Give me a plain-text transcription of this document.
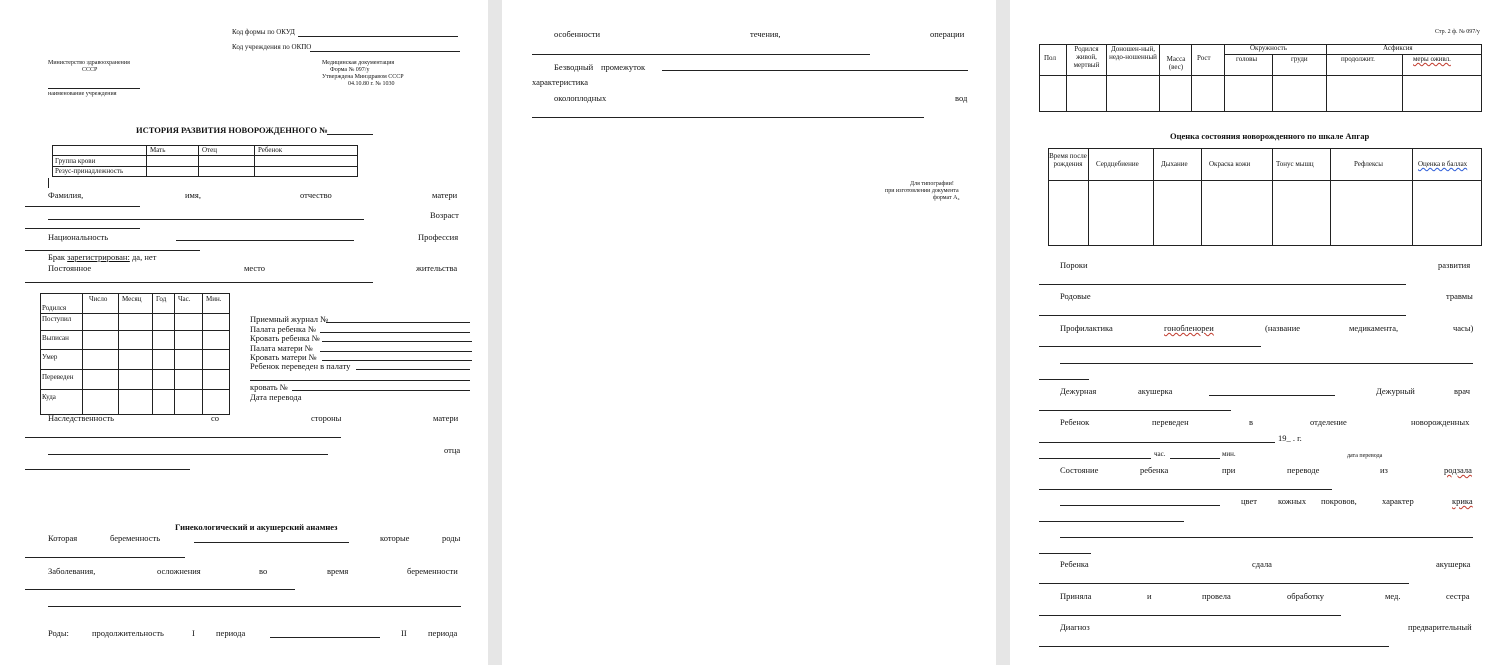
Код формы по ОКУД
Код учреждения по ОКПО
Министерство здравоохранения
СССР
Медицинская документация
Форма № 097/у
Утверждена Минздравом СССР
04.10.80 г. № 1030
наименование учреждения
ИСТОРИЯ РАЗВИТИЯ НОВОРОЖДЕННОГО №
Мать	Отец	Ребенок
Группа крови
Резус-принадлежность
Фамилия,	имя,	отчество	матери
Возраст
Национальность	Профессия
Брак зарегистрирован: да, нет
Постоянное	место	жительства
Число Месяц Год Час. Мин.
Родился
Поступил
Выписан
Умер
Переведен
Куда
Приемный журнал №
Палата ребенка №
Кровать ребенка №
Палата матери №
Кровать матери №
Ребенок переведен в палату
кровать №
Дата перевода
Наследственность	со	стороны	матери
отца
Гинекологический и акушерский анамнез
Которая	беременность	которые	роды
Заболевания,	осложнения	во	время	беременности
Роды:	продолжительность	I периода	II	периода
особенности	течения,	операции
Безводный промежуток
характеристика
околоплодных	вод
Для типографии!
при изготовлении документа
формат А₄
Стр. 2 ф. № 097/у
Пол
Родился живой, мертвый
Доношен-ный, недо-ношенный	Масса (вес)
Рост
Окружность
головы	груди
Асфиксия
продолжит.	меры оживл.
Оценка состояния новорожденного по шкале Апгар
Время после рождения	Сердцебиение	Дыхание	Окраска кожи	Тонус мышц	Рефлексы	Оценка в баллах
Пороки	развития
Родовые	травмы
Профилактика	гонобленореи	(название	медикамента,	часы)
Дежурная	акушерка	Дежурный	врач
Ребенок	переведен	в	отделение	новорожденных
19_ . г.
час.	мин.	дата перевода
Состояние	ребенка	при	переводе	из	родзала
цвет кожных покровов,	характер	крика
Ребенка	сдала	акушерка
Приняла	и	провела	обработку	мед.	сестра
Диагноз	предварительный
